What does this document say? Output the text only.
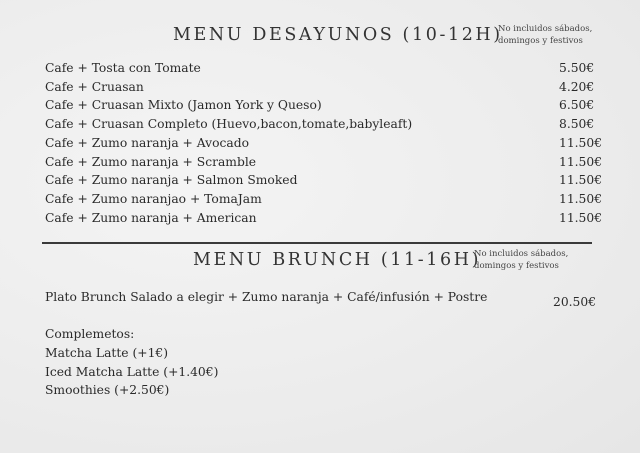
MENU DESAYUNOS (10-12H)
No incluidos sábados,
domingos y festivos
Cafe + Tosta con Tomate	5.50€
Cafe + Cruasan	4.20€
Cafe + Cruasan Mixto (Jamon York y Queso)	6.50€
Cafe + Cruasan Completo (Huevo,bacon,tomate,babyleaft)	8.50€
Cafe + Zumo naranja + Avocado	11.50€
Cafe + Zumo naranja + Scramble	11.50€
Cafe + Zumo naranja + Salmon Smoked	11.50€
Cafe + Zumo naranjao + TomaJam	11.50€
Cafe + Zumo naranja + American	11.50€
MENU BRUNCH (11-16H)
No incluidos sábados,
domingos y festivos
Plato Brunch Salado a elegir + Zumo naranja + Café/infusión + Postre	20.50€
Complemetos:
Matcha Latte (+1€)
Iced Matcha Latte (+1.40€)
Smoothies (+2.50€)
